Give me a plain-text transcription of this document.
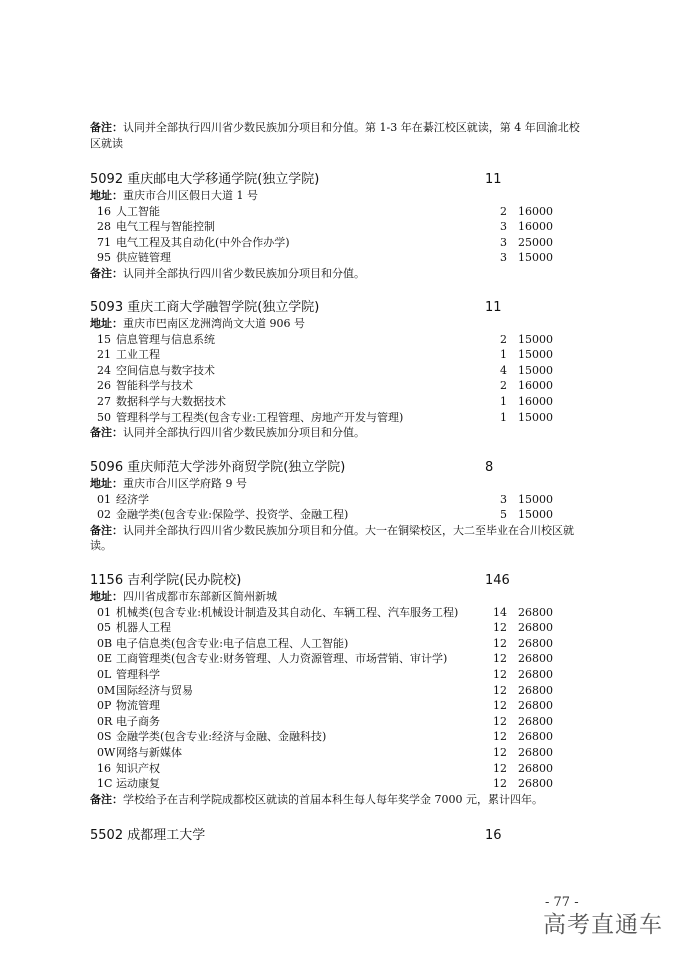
备注：认同并全部执行四川省少数民族加分项目和分值。第 1-3 年在綦江校区就读，第 4 年回渝北校区就读
5092 重庆邮电大学移通学院(独立学院)	11
地址：重庆市合川区假日大道 1 号
16 人工智能	2 16000
28 电气工程与智能控制	3 16000
71 电气工程及其自动化(中外合作办学)	3 25000
95 供应链管理	3 15000
备注：认同并全部执行四川省少数民族加分项目和分值。
5093 重庆工商大学融智学院(独立学院)	11
地址：重庆市巴南区龙洲湾尚文大道 906 号
15 信息管理与信息系统	2 15000
21 工业工程	1 15000
24 空间信息与数字技术	4 15000
26 智能科学与技术	2 16000
27 数据科学与大数据技术	1 16000
50 管理科学与工程类(包含专业:工程管理、房地产开发与管理)	1 15000
备注：认同并全部执行四川省少数民族加分项目和分值。
5096 重庆师范大学涉外商贸学院(独立学院)	8
地址：重庆市合川区学府路 9 号
01 经济学	3 15000
02 金融学类(包含专业:保险学、投资学、金融工程)	5 15000
备注：认同并全部执行四川省少数民族加分项目和分值。大一在铜梁校区，大二至毕业在合川校区就读。
1156 吉利学院(民办院校)	146
地址：四川省成都市东部新区简州新城
01 机械类(包含专业:机械设计制造及其自动化、车辆工程、汽车服务工程)	14 26800
05 机器人工程	12 26800
0B 电子信息类(包含专业:电子信息工程、人工智能)	12 26800
0E 工商管理类(包含专业:财务管理、人力资源管理、市场营销、审计学)	12 26800
0L 管理科学	12 26800
0M 国际经济与贸易	12 26800
0P 物流管理	12 26800
0R 电子商务	12 26800
0S 金融学类(包含专业:经济与金融、金融科技)	12 26800
0W 网络与新媒体	12 26800
16 知识产权	12 26800
1C 运动康复	12 26800
备注：学校给予在吉利学院成都校区就读的首届本科生每人每年奖学金 7000 元，累计四年。
5502 成都理工大学	16
- 77 -
高考直通车
